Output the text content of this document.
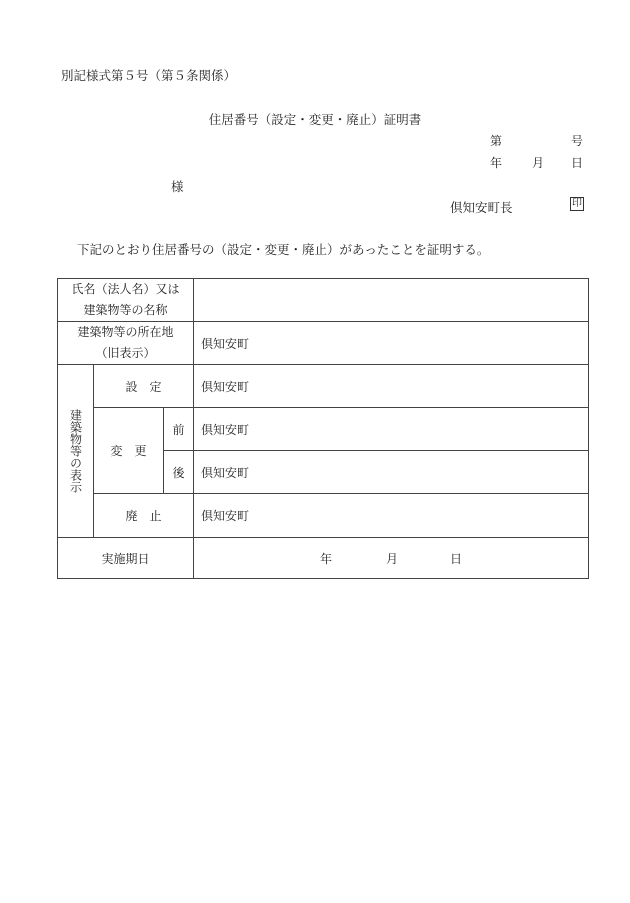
別記様式第５号（第５条関係）
住居番号（設定・変更・廃止）証明書
第	号
年 月 日
様
倶知安町長	印
下記のとおり住居番号の（設定・変更・廃止）があったことを証明する。
氏名（法人名）又は
建築物等の名称			

建築物等の所在地
（旧表示）			倶知安町

建築物等の表示	設　定		倶知安町
	変　更	前	倶知安町
		後	倶知安町
	廃　止		倶知安町
実施期日			年 月 日
